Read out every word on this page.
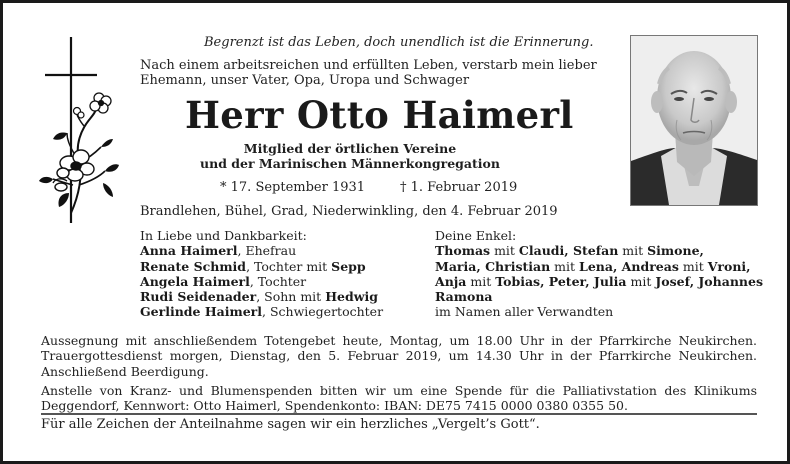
Begrenzt ist das Leben, doch unendlich ist die Erinnerung.
Nach einem arbeitsreichen und erfüllten Leben, verstarb mein lieber
Ehemann, unser Vater, Opa, Uropa und Schwager
Herr Otto Haimerl
Mitglied der örtlichen Vereine
und der Marinischen Männerkongregation
* 17. September 1931	† 1. Februar 2019
Brandlehen, Bühel, Grad, Niederwinkling, den 4. Februar 2019
In Liebe und Dankbarkeit:
Anna Haimerl, Ehefrau
Renate Schmid, Tochter mit Sepp
Angela Haimerl, Tochter
Rudi Seidenader, Sohn mit Hedwig
Gerlinde Haimerl, Schwiegertochter
Deine Enkel:
Thomas mit Claudi, Stefan mit Simone,
Maria, Christian mit Lena, Andreas mit Vroni,
Anja mit Tobias, Peter, Julia mit Josef, Johannes
Ramona
im Namen aller Verwandten

Aussegnung mit anschließendem Totengebet heute, Montag, um 18.00 Uhr in der Pfarrkirche Neukirchen.

Trauergottesdienst morgen, Dienstag, den 5. Februar 2019, um 14.30 Uhr in der Pfarrkirche Neukirchen.

Anschließend Beerdigung.

Anstelle von Kranz- und Blumenspenden bitten wir um eine Spende für die Palliativstation des Klinikums

Deggendorf, Kennwort: Otto Haimerl, Spendenkonto: IBAN: DE75 7415 0000 0380 0355 50.

Für alle Zeichen der Anteilnahme sagen wir ein herzliches „Vergelt’s Gott“.
